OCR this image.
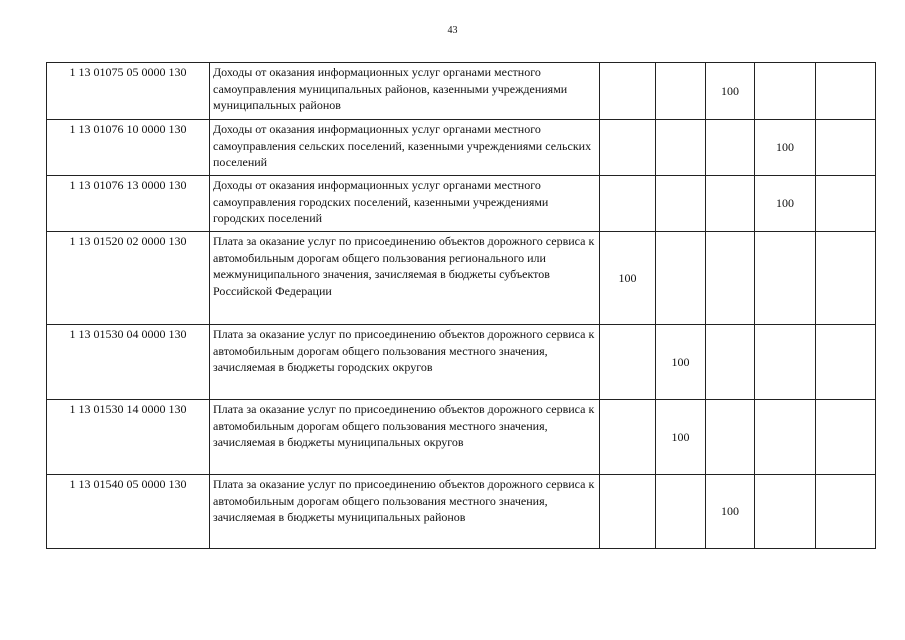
43
1 13 01075 05 0000 130	Доходы от оказания информационных услуг органами местного самоуправления муниципальных районов, казенными учреждениями муниципальных районов			100		
1 13 01076 10 0000 130	Доходы от оказания информационных услуг органами местного самоуправления сельских поселений, казенными учреждениями сельских поселений				100	
1 13 01076 13 0000 130	Доходы от оказания информационных услуг органами местного самоуправления городских поселений, казенными учреждениями городских поселений				100	
1 13 01520 02 0000 130	Плата за оказание услуг по присоединению объектов дорожного сервиса к автомобильным дорогам общего пользования регионального или межмуниципального значения, зачисляемая в бюджеты субъектов Российской Федерации	100				
1 13 01530 04 0000 130	Плата за оказание услуг по присоединению объектов дорожного сервиса к автомобильным дорогам общего пользования местного значения, зачисляемая в бюджеты городских округов		100			
1 13 01530 14 0000 130	Плата за оказание услуг по присоединению объектов дорожного сервиса к автомобильным дорогам общего пользования местного значения, зачисляемая в бюджеты муниципальных округов		100			
1 13 01540 05 0000 130	Плата за оказание услуг по присоединению объектов дорожного сервиса к автомобильным дорогам общего пользования местного значения, зачисляемая в бюджеты муниципальных районов			100		
